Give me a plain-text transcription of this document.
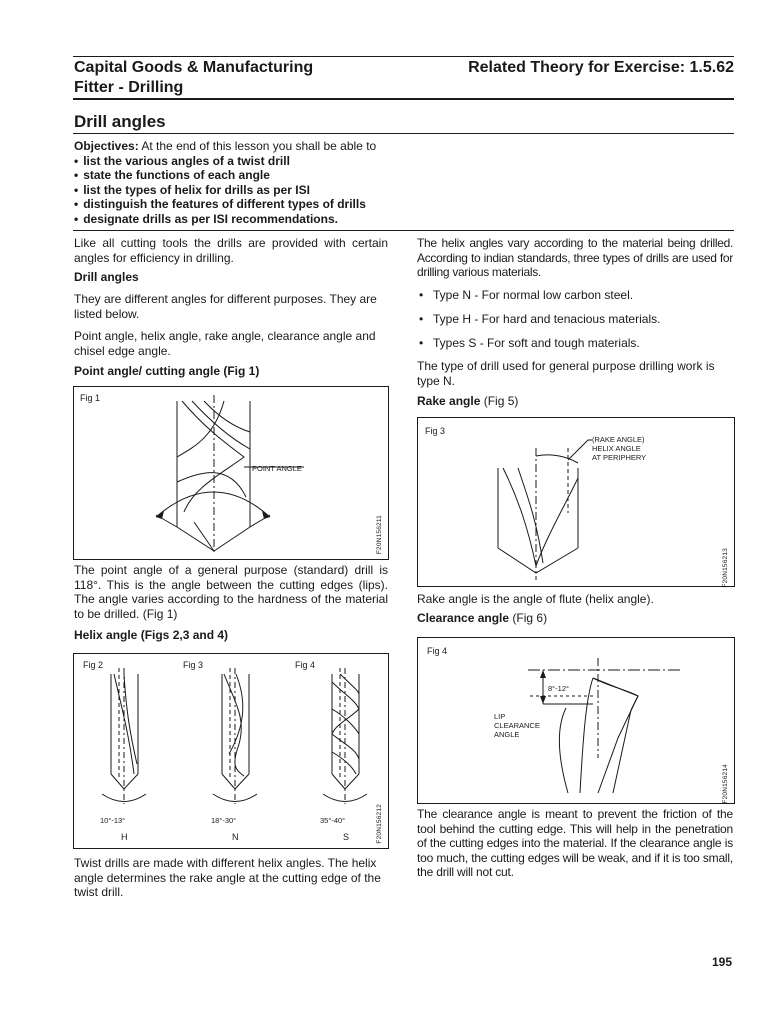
Capital Goods & Manufacturing
Fitter - Drilling
Related Theory for Exercise: 1.5.62
Drill angles
Objectives: At the end of this lesson you shall be able to
• list the various angles of a twist drill
• state the functions of each angle
• list the types of helix for drills as per ISI
• distinguish the features of different types of drills
• designate drills as per ISI recommendations.
Like all cutting tools the drills are provided with certain angles for efficiency in drilling.
Drill angles
They are different angles for different purposes. They are listed below.
Point angle, helix angle, rake angle, clearance angle and chisel edge angle.
Point angle/ cutting angle (Fig 1)
Fig 1
POINT ANGLE
F20N156211
The point angle of a general purpose (standard) drill is 118°. This is the angle between the cutting edges (lips). The angle varies according to the hardness of the material to be drilled. (Fig 1)
Helix angle (Figs 2,3 and 4)
Fig 2	Fig 3	Fig 4
10°-13°	18°-30°	35°-40°
H	N	S	F20N156212
Twist drills are made with different helix angles. The helix angle determines the rake angle at the cutting edge of the twist drill.
The helix angles vary according to the material being drilled. According to indian standards, three types of drills are used for drilling various materials.
• Type N - For normal low carbon steel.
• Type H - For hard and tenacious materials.
• Types S - For soft and tough materials.
The type of drill used for general purpose drilling work is type N.
Rake angle (Fig 5)
Fig 3
(RAKE ANGLE)
HELIX ANGLE
AT PERIPHERY
F20N156213
Rake angle is the angle of flute (helix angle).
Clearance angle (Fig 6)
Fig 4
8°-12°
LIP
CLEARANCE
ANGLE
F20N156214
The clearance angle is meant to prevent the friction of the tool behind the cutting edge. This will help in the penetration of the cutting edges into the material. If the clearance angle is too much, the cutting edges will be weak, and if it is too small, the drill will not cut.
195
